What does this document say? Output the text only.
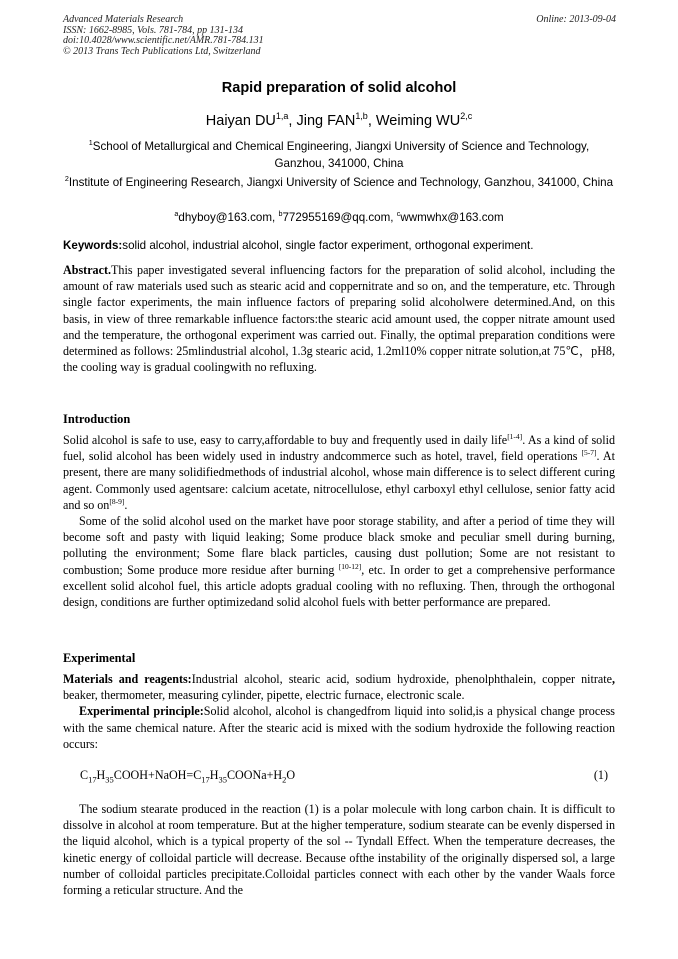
Advanced Materials Research
ISSN: 1662-8985, Vols. 781-784, pp 131-134
doi:10.4028/www.scientific.net/AMR.781-784.131
© 2013 Trans Tech Publications Ltd, Switzerland
Online: 2013-09-04
Rapid preparation of solid alcohol
Haiyan DU$^{1,a}$, Jing FAN$^{1,b}$, Weiming WU$^{2,c}$
$^1$School of Metallurgical and Chemical Engineering, Jiangxi University of Science and Technology, Ganzhou, 341000, China
$^2$Institute of Engineering Research, Jiangxi University of Science and Technology, Ganzhou, 341000, China
$^a$dhyboy@163.com, $^b$772955169@qq.com, $^c$wwmwhx@163.com
Keywords:solid alcohol, industrial alcohol, single factor experiment, orthogonal experiment.

Abstract.This paper investigated several influencing factors for the preparation of solid alcohol, including the amount of raw materials used such as stearic acid and coppernitrate and so on, and the temperature, etc. Through single factor experiments, the main influence factors of preparing solid alcoholwere determined.And, on this basis, in view of three remarkable influence factors:the stearic acid amount used, the copper nitrate amount used and the temperature, the orthogonal experiment was carried out. Finally, the optimal preparation conditions were determined as follows: 25mlindustrial alcohol, 1.3g stearic acid, 1.2ml10% copper nitrate solution,at 75℃，pH8, the cooling way is gradual coolingwith no refluxing.

Introduction

Solid alcohol is safe to use, easy to carry,affordable to buy and frequently used in daily life[1-4]. As a kind of solid fuel, solid alcohol has been widely used in industry andcommerce such as hotel, travel, field operations [5-7]. At present, there are many solidifiedmethods of industrial alcohol, whose main difference is to select different curing agent. Commonly used agentsare: calcium acetate, nitrocellulose, ethyl carboxyl ethyl cellulose, senior fatty acid and so on[8-9].

Some of the solid alcohol used on the market have poor storage stability, and after a period of time they will become soft and pasty with liquid leaking; Some produce black smoke and peculiar smell during burning, polluting the environment; Some flare black particles, causing dust pollution; Some are not resistant to combustion; Some produce more residue after burning [10-12], etc. In order to get a comprehensive performance excellent solid alcohol fuel, this article adopts gradual cooling with no refluxing. Then, through the orthogonal design, conditions are further optimizedand solid alcohol fuels with better performance are prepared.

Experimental

Materials and reagents:Industrial alcohol, stearic acid, sodium hydroxide, phenolphthalein, copper nitrate, beaker, thermometer, measuring cylinder, pipette, electric furnace, electronic scale.

Experimental principle:Solid alcohol, alcohol is changedfrom liquid into solid,is a physical change process with the same chemical nature. After the stearic acid is mixed with the sodium hydroxide the following reaction occurs:

$C_{17}H_{35}COOH+NaOH=C_{17}H_{35}COONa+H_2O$	(1)

The sodium stearate produced in the reaction (1) is a polar molecule with long carbon chain. It is difficult to dissolve in alcohol at room temperature. But at the higher temperature, sodium stearate can be evenly dispersed in the liquid alcohol, which is a typical property of the sol -- Tyndall Effect. When the temperature decreases, the kinetic energy of colloidal particle will decrease. Because ofthe instability of the originally dispersed sol, a large number of colloidal particles precipitate.Colloidal particles connect with each other by the vander Waals force forming a reticular structure. And the
